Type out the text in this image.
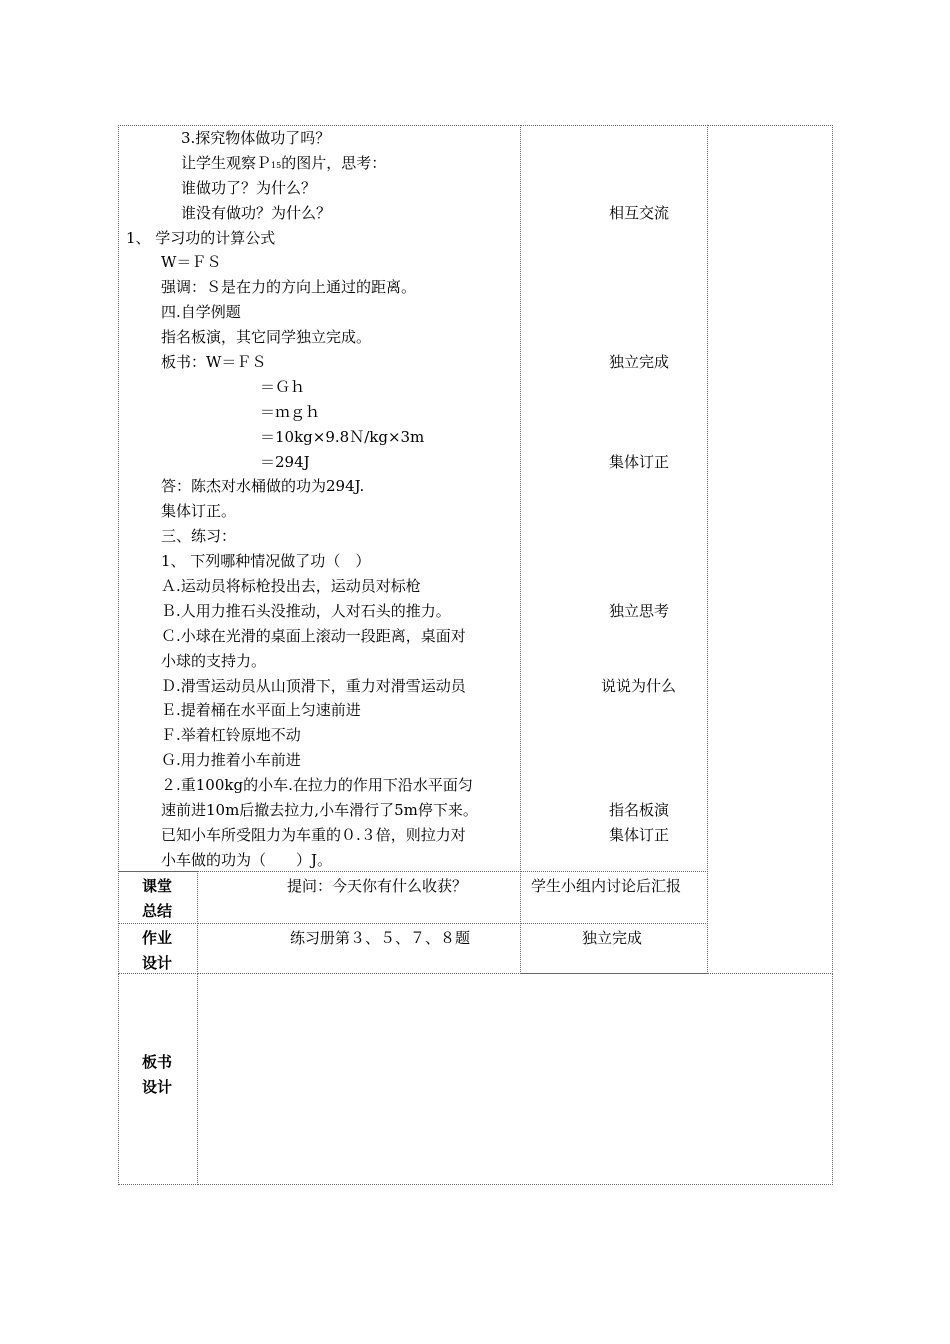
3.探究物体做功了吗？
让学生观察Ｐ15的图片，思考：
谁做功了？为什么？
谁没有做功？为什么？
1、 学习功的计算公式
W＝ＦＳ
强调：Ｓ是在力的方向上通过的距离。
四.自学例题
指名板演，其它同学独立完成。
板书：W＝ＦＳ
＝Ｇｈ
＝ｍｇｈ
＝10kg×9.8Ｎ/kg×3m
＝294J
答：陈杰对水桶做的功为294J.
集体订正。
三、练习：
1、 下列哪种情况做了功（　）
Ａ.运动员将标枪投出去，运动员对标枪
Ｂ.人用力推石头没推动，人对石头的推力。
Ｃ.小球在光滑的桌面上滚动一段距离，桌面对
小球的支持力。
Ｄ.滑雪运动员从山顶滑下，重力对滑雪运动员
Ｅ.提着桶在水平面上匀速前进
Ｆ.举着杠铃原地不动
Ｇ.用力推着小车前进
２.重100kg的小车.在拉力的作用下沿水平面匀
速前进10m后撤去拉力,小车滑行了5m停下来。
已知小车所受阻力为车重的０.３倍，则拉力对
小车做的功为（　　）J。
相互交流
独立完成
集体订正
独立思考
说说为什么
指名板演
集体订正
课堂
总结
提问：今天你有什么收获？	学生小组内讨论后汇报
作业
设计
练习册第３、５、７、８题	独立完成
板书
设计
